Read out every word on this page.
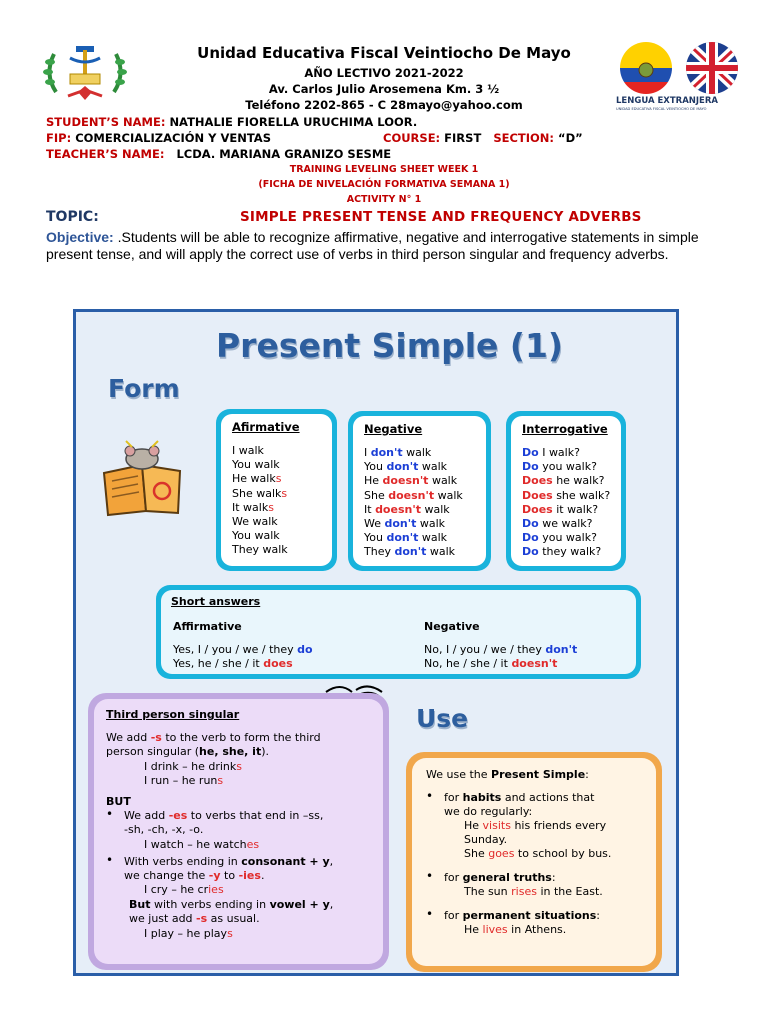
Unidad Educativa Fiscal Veintiocho De Mayo
AÑO LECTIVO 2021-2022
Av. Carlos Julio Arosemena Km. 3 ½
Teléfono 2202-865 - C 28mayo@yahoo.com	LENGUA EXTRANJERA
UNIDAD EDUCATIVA FISCAL VEINTIOCHO DE MAYO
STUDENT’S NAME: NATHALIE FIORELLA URUCHIMA LOOR.
FIP: COMERCIALIZACIÓN Y VENTAS	COURSE: FIRST SECTION: “D”
TEACHER’S NAME: LCDA. MARIANA GRANIZO SESME
TRAINING LEVELING SHEET WEEK 1
(FICHA DE NIVELACIÓN FORMATIVA SEMANA 1)
ACTIVITY N° 1
TOPIC:	SIMPLE PRESENT TENSE AND FREQUENCY ADVERBS
Objective: .Students will be able to recognize affirmative, negative and interrogative statements in simple present tense, and will apply the correct use of verbs in third person singular and frequency adverbs.
Present Simple (1)
Form
Afirmative
I walk
You walk
He walks
She walks
It walks
We walk
You walk
They walk
Negative
I don't walk
You don't walk
He doesn't walk
She doesn't walk
It doesn't walk
We don't walk
You don't walk
They don't walk
Interrogative
Do I walk?
Do you walk?
Does he walk?
Does she walk?
Does it walk?
Do we walk?
Do you walk?
Do they walk?
Short answers
Affirmative
Yes, I / you / we / they do
Yes, he / she / it does
Negative
No, I / you / we / they don't
No, he / she / it doesn't
Use
Third person singular
We add -s to the verb to form the third
person singular (he, she, it).
I drink – he drinks
I run – he runs
BUT
• We add -es to verbs that end in –ss,
-sh, -ch, -x, -o.
I watch – he watches
• With verbs ending in consonant + y,
we change the -y to -ies.
I cry – he cries
But with verbs ending in vowel + y,
we just add -s as usual.
I play – he plays
We use the Present Simple:
• for habits and actions that
we do regularly:
He visits his friends every
Sunday.
She goes to school by bus.
• for general truths:
The sun rises in the East.
• for permanent situations:
He lives in Athens.
